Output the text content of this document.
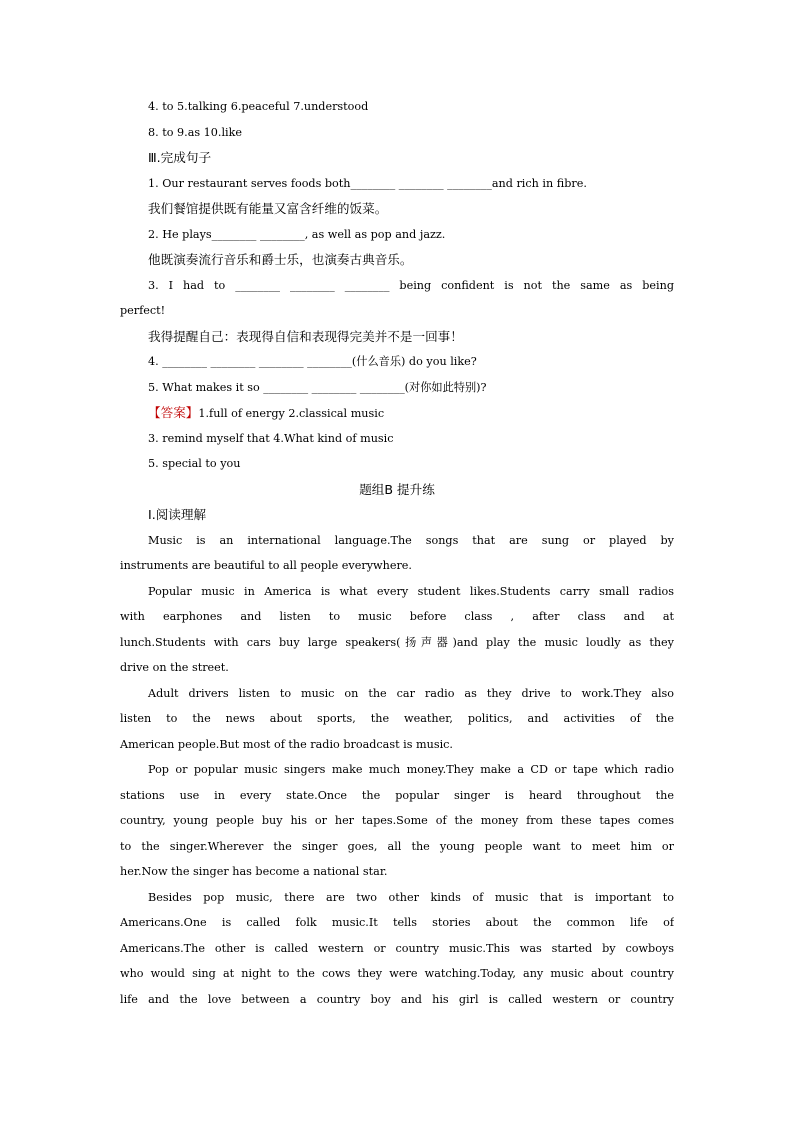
4. to 5.talking 6.peaceful 7.understood
8. to 9.as 10.like
Ⅲ.完成句子
1. Our restaurant serves foods both________ ________ ________and rich in fibre.
我们餐馆提供既有能量又富含纤维的饭菜。
2. He plays________ ________, as well as pop and jazz.
他既演奏流行音乐和爵士乐，也演奏古典音乐。
3. I had to ________ ________ ________ being confident is not the same as being
perfect!
我得提醒自己：表现得自信和表现得完美并不是一回事！
4. ________ ________ ________ ________(什么音乐) do you like?
5. What makes it so ________ ________ ________(对你如此特别)?
【答案】1.full of energy 2.classical music
3. remind myself that 4.What kind of music
5. special to you
题组B 提升练
Ⅰ.阅读理解
Music is an international language.The songs that are sung or played by
instruments are beautiful to all people everywhere.
Popular music in America is what every student likes.Students carry small radios
with earphones and listen to music before class , after class and at
lunch.Students with cars buy large speakers(扬声器)and play the music loudly as they
drive on the street.
Adult drivers listen to music on the car radio as they drive to work.They also
listen to the news about sports, the weather, politics, and activities of the
American people.But most of the radio broadcast is music.
Pop or popular music singers make much money.They make a CD or tape which radio
stations use in every state.Once the popular singer is heard throughout the
country, young people buy his or her tapes.Some of the money from these tapes comes
to the singer.Wherever the singer goes, all the young people want to meet him or
her.Now the singer has become a national star.
Besides pop music, there are two other kinds of music that is important to
Americans.One is called folk music.It tells stories about the common life of
Americans.The other is called western or country music.This was started by cowboys
who would sing at night to the cows they were watching.Today, any music about country
life and the love between a country boy and his girl is called western or country
